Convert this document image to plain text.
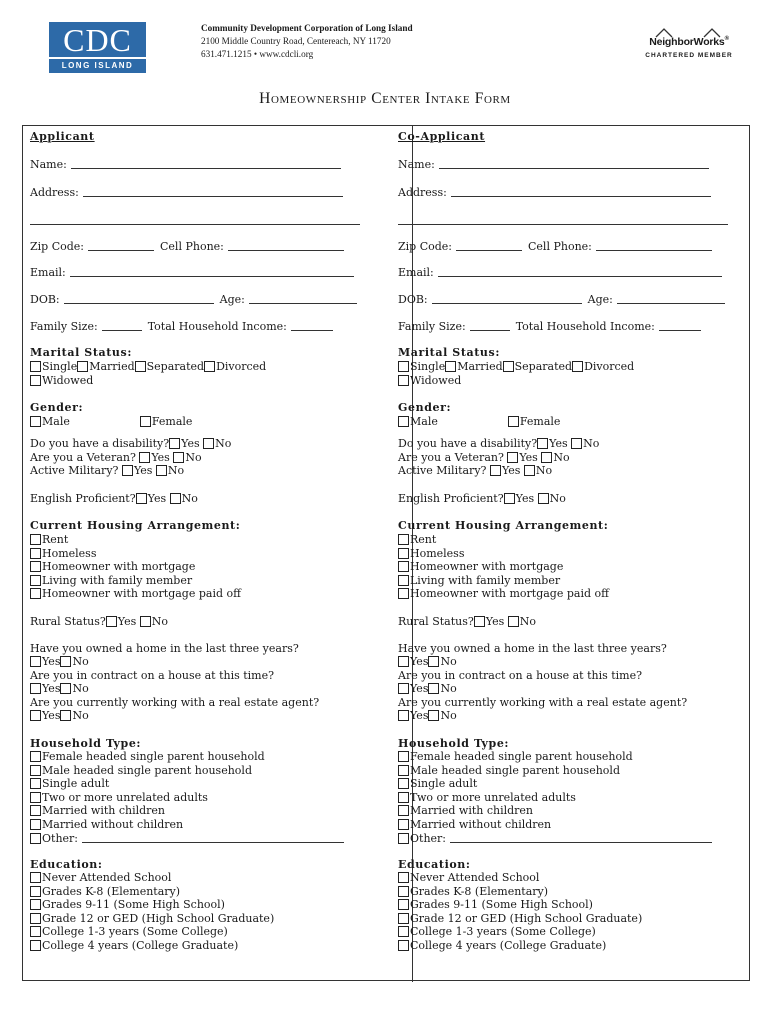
CDC
LONG ISLAND
Community Development Corporation of Long Island
2100 Middle Country Road, Centereach, NY 11720
631.471.1215 • www.cdcli.org
NeighborWorks®
CHARTERED MEMBER
Homeownership Center Intake Form
Applicant
Name:
Address:
Zip Code:	Cell Phone:
Email:
DOB:	Age:
Family Size:	Total Household Income:
Marital Status:
Single Married Separated Divorced
Widowed
Gender:
Male	Female
Do you have a disability? Yes No
Are you a Veteran? Yes No
Active Military? Yes No
English Proficient? Yes No
Current Housing Arrangement:
Rent
Homeless
Homeowner with mortgage
Living with family member
Homeowner with mortgage paid off
Rural Status? Yes No
Have you owned a home in the last three years?
Yes No
Are you in contract on a house at this time?
Yes No
Are you currently working with a real estate agent?
Yes No
Household Type:
Female headed single parent household
Male headed single parent household
Single adult
Two or more unrelated adults
Married with children
Married without children
Other:
Education:
Never Attended School
Grades K-8 (Elementary)
Grades 9-11 (Some High School)
Grade 12 or GED (High School Graduate)
College 1-3 years (Some College)
College 4 years (College Graduate)
Co-Applicant
Name:
Address:
Zip Code:	Cell Phone:
Email:
DOB:	Age:
Family Size:	Total Household Income:
Marital Status:
Single Married Separated Divorced
Widowed
Gender:
Male	Female
Do you have a disability? Yes No
Are you a Veteran? Yes No
Active Military? Yes No
English Proficient? Yes No
Current Housing Arrangement:
Rent
Homeless
Homeowner with mortgage
Living with family member
Homeowner with mortgage paid off
Rural Status? Yes No
Have you owned a home in the last three years?
Yes No
Are you in contract on a house at this time?
Yes No
Are you currently working with a real estate agent?
Yes No
Household Type:
Female headed single parent household
Male headed single parent household
Single adult
Two or more unrelated adults
Married with children
Married without children
Other:
Education:
Never Attended School
Grades K-8 (Elementary)
Grades 9-11 (Some High School)
Grade 12 or GED (High School Graduate)
College 1-3 years (Some College)
College 4 years (College Graduate)
